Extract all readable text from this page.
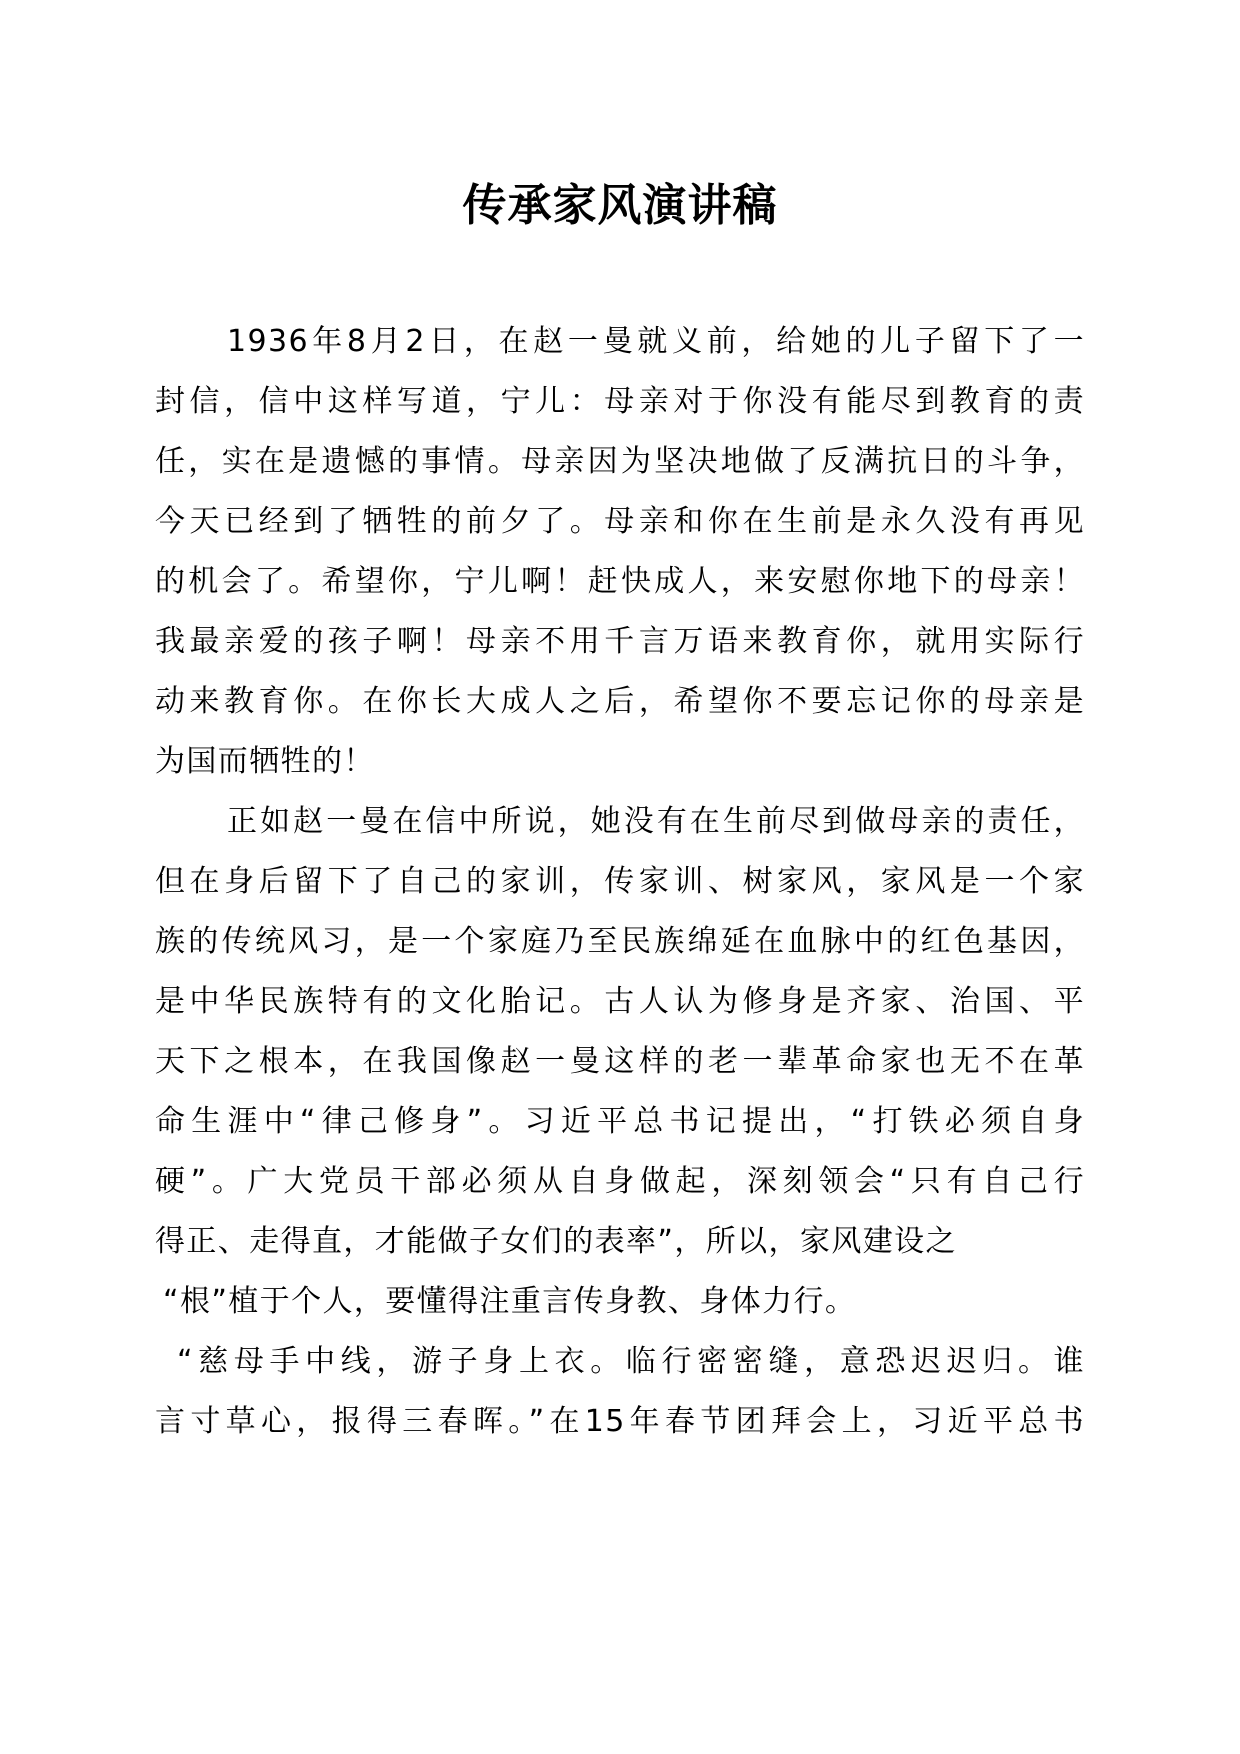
传承家风演讲稿
1936年8月2日，在赵一曼就义前，给她的儿子留下了一
封信，信中这样写道，宁儿：母亲对于你没有能尽到教育的责
任，实在是遗憾的事情。母亲因为坚决地做了反满抗日的斗争，
今天已经到了牺牲的前夕了。母亲和你在生前是永久没有再见
的机会了。希望你，宁儿啊！赶快成人，来安慰你地下的母亲！
我最亲爱的孩子啊！母亲不用千言万语来教育你，就用实际行
动来教育你。在你长大成人之后，希望你不要忘记你的母亲是
为国而牺牲的！
正如赵一曼在信中所说，她没有在生前尽到做母亲的责任，
但在身后留下了自己的家训，传家训、树家风，家风是一个家
族的传统风习，是一个家庭乃至民族绵延在血脉中的红色基因，
是中华民族特有的文化胎记。古人认为修身是齐家、治国、平
天下之根本，在我国像赵一曼这样的老一辈革命家也无不在革
命生涯中“律己修身”。习近平总书记提出，“打铁必须自身
硬”。广大党员干部必须从自身做起，深刻领会“只有自己行
得正、走得直，才能做子女们的表率”，所以，家风建设之
“根”植于个人，要懂得注重言传身教、身体力行。
“慈母手中线，游子身上衣。临行密密缝，意恐迟迟归。谁
言寸草心，报得三春晖。”在15年春节团拜会上，习近平总书
